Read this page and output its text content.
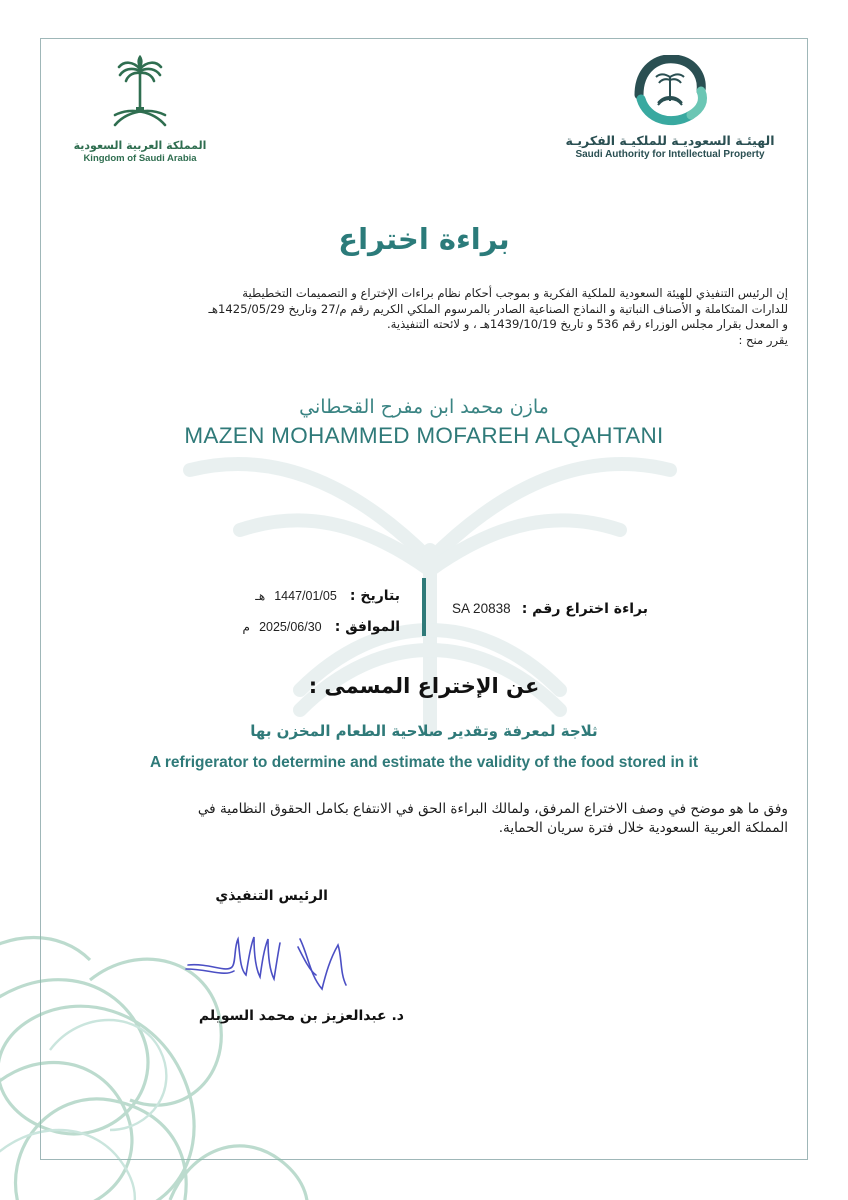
الهيئـة السعوديـة للملكيـة الفكريـة
Saudi Authority for Intellectual Property
المملكة العربية السعودية
Kingdom of Saudi Arabia
براءة اختراع
إن الرئيس التنفيذي للهيئة السعودية للملكية الفكرية و بموجب أحكام نظام براءات الإختراع و التصميمات التخطيطية
للدارات المتكاملة و الأصناف النباتية و النماذج الصناعية الصادر بالمرسوم الملكي الكريم رقم م/27 وتاريخ 1425/05/29هـ
و المعدل بقرار مجلس الوزراء رقم 536 و تاريخ 1439/10/19هـ ، و لائحته التنفيذية.
يقرر منح :
مازن محمد ابن مفرح القحطاني
MAZEN MOHAMMED MOFAREH ALQAHTANI
براءة اختراع رقم : SA 20838
بتاريخ : 1447/01/05 هـ
الموافق : 2025/06/30 م
عن الإختراع المسمى :
ثلاجة لمعرفة وتقدير صلاحية الطعام المخزن بها
A refrigerator to determine and estimate the validity of the food stored in it
وفق ما هو موضح في وصف الاختراع المرفق، ولمالك البراءة الحق في الانتفاع بكامل الحقوق النظامية في
المملكة العربية السعودية خلال فترة سريان الحماية.
الرئيس التنفيذي
د. عبدالعزيز بن محمد السويلم
